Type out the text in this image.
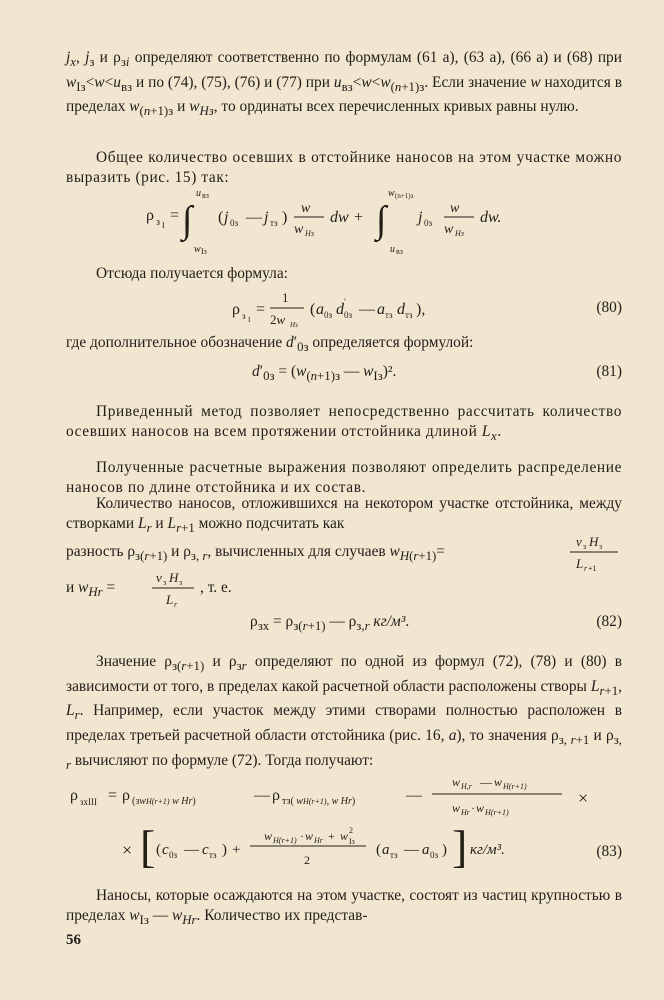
$j_x$, $j_з$ и $\rho_{зi}$ определяют соответственно по формулам (61 а), (63 а), (66 а) и (68) при $w_{Iз}<w<u_{вз}$ и по (74), (75), (76) и (77) при $u_{вз}<w<w_{(n+1)з}$. Если значение w находится в пределах $w_{(n+1)з}$ и $w_{Hз}$, то ординаты всех перечисленных кривых равны нулю.
Общее количество осевших в отстойнике наносов на этом участке можно выразить (рис. 15) так:
ρ з I
= ∫
u вз
w Iз
( j 0з — j тз )
w
w Hз
dw + ∫
w (n+1)з
u вз
j 0з
w
w Hз
dw.
Отсюда получается формула:
ρ з I
=
1
2w Hз
( a 0з d ′
0з — a тз d тз ),	(80)
где дополнительное обозначение $d'_{0з}$ определяется формулой:
$d'_{0з} = (w_{(n+1)з}$ — $w_{Iз})^2$.	(81)
Приведенный метод позволяет непосредственно рассчитать количество осевших наносов на всем протяжении отстойника длиной $L_x$.
Полученные расчетные выражения позволяют определить распределение наносов по длине отстойника и их состав.
Количество наносов, отложившихся на некотором участке отстойника, между створками $L_r$ и $L_{r+1}$ можно подсчитать как
разность $\rho_{з(r+1)}$ и $\rho_{з, r}$, вычисленных для случаев $w_{H(r+1)}=$
v з H з
L r +1
и $w_{Hr}$ =
v з H з
L r
, т. е.
$\rho_{зх} = \rho_{з(r+1)}$ — $\rho_{з,r}$ кг/м³.	(82)
Значение $\rho_{з(r+1)}$ и $\rho_{зr}$ определяют по одной из формул (72), (78) и (80) в зависимости от того, в пределах какой расчетной области расположены створы $L_{r+1}$, $L_r$. Например, если участок между этими створами полностью расположен в пределах третьей расчетной области отстойника (рис. 16, а), то значения $\rho_{з, r+1}$ и $\rho_{з, r}$ вычисляют по формуле (72). Тогда получают:
ρ зхIII = ρ (зwH(r+1) w Hr)	— ρ тз( wH(r+1), w Hr)	—
w H,r — w H(r+1)
w Hr · w H(r+1)
×
× [ ( c 0з — c тз ) +
w H(r+1) · w Hr + w 2
Iз
2
( a тз — a 0з ) ] кг/м³.	(83)
Наносы, которые осаждаются на этом участке, состоят из частиц крупностью в пределах $w_{Iз}$ — $w_{Hr}$. Количество их представ-
56
